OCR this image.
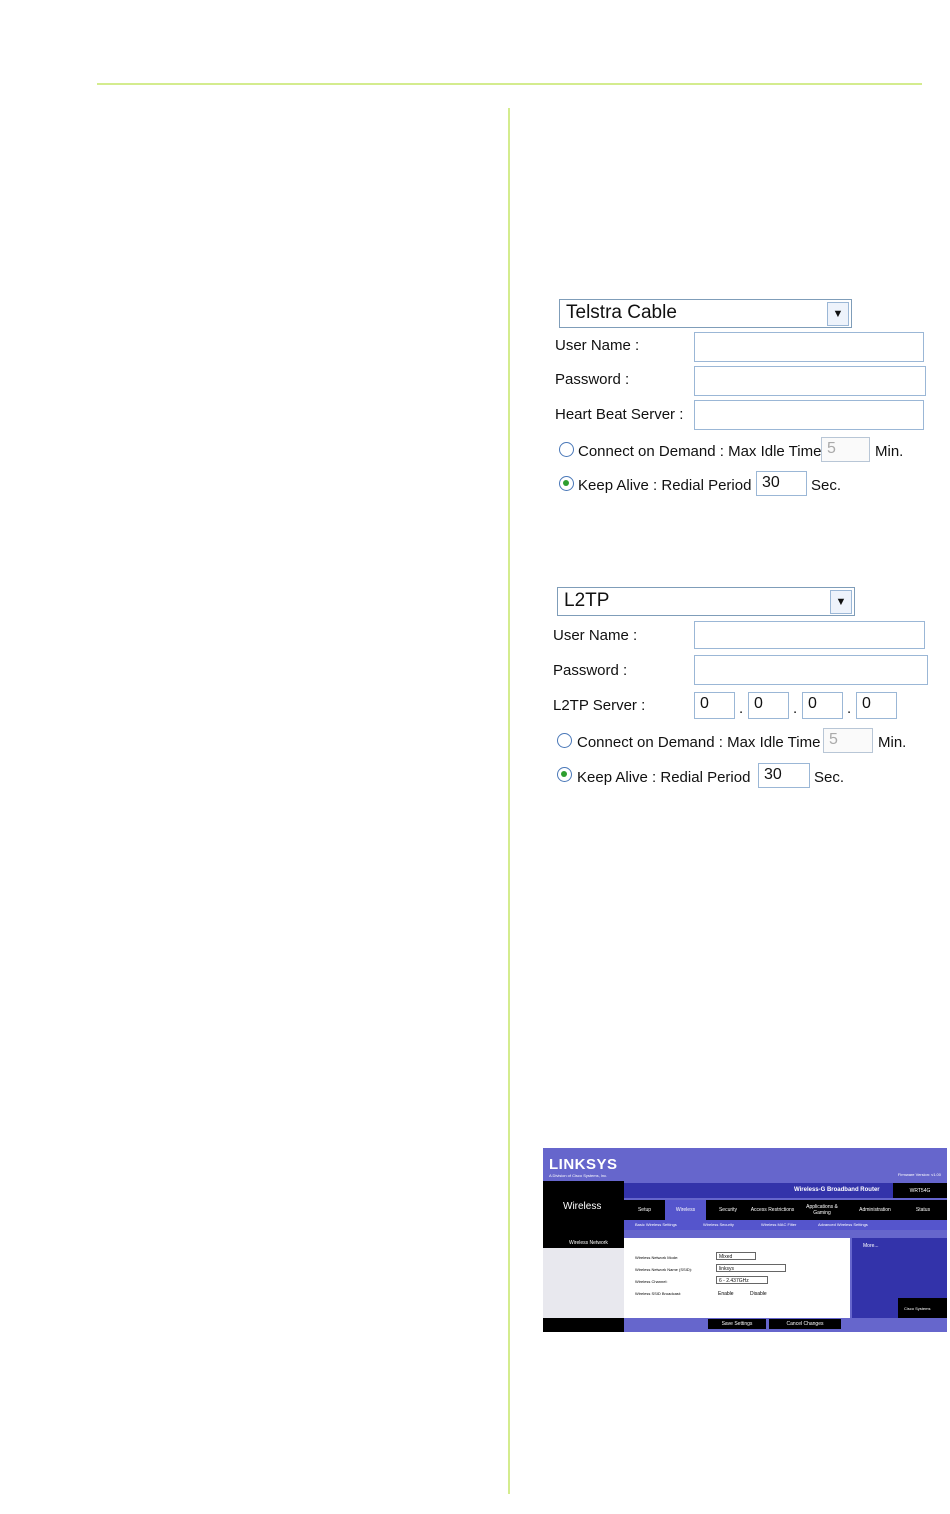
Telstra Cable	▼
User Name :
Password :
Heart Beat Server :
Connect on Demand : Max Idle Time 5	Min.
Keep Alive : Redial Period 30	Sec.
L2TP	▼
User Name :
Password :
L2TP Server :	0	. 0	. 0	. 0
Connect on Demand : Max Idle Time 5	Min.
Keep Alive : Redial Period 30	Sec.
LINKSYS
A Division of Cisco Systems, Inc.	Firmware Version: v1.00
Wireless
Wireless-G Broadband Router	WRT54G
Setup	Wireless	Security	Access Restrictions	Applications & Gaming	Administration	Status
Basic Wireless Settings	Wireless Security	Wireless MAC Filter	Advanced Wireless Settings
Wireless Network
Wireless Network Mode:	Mixed
Wireless Network Name (SSID):	linksys
Wireless Channel:	6 - 2.437GHz
Wireless SSID Broadcast:	Enable	Disable
More...
Cisco Systems
Save Settings	Cancel Changes
